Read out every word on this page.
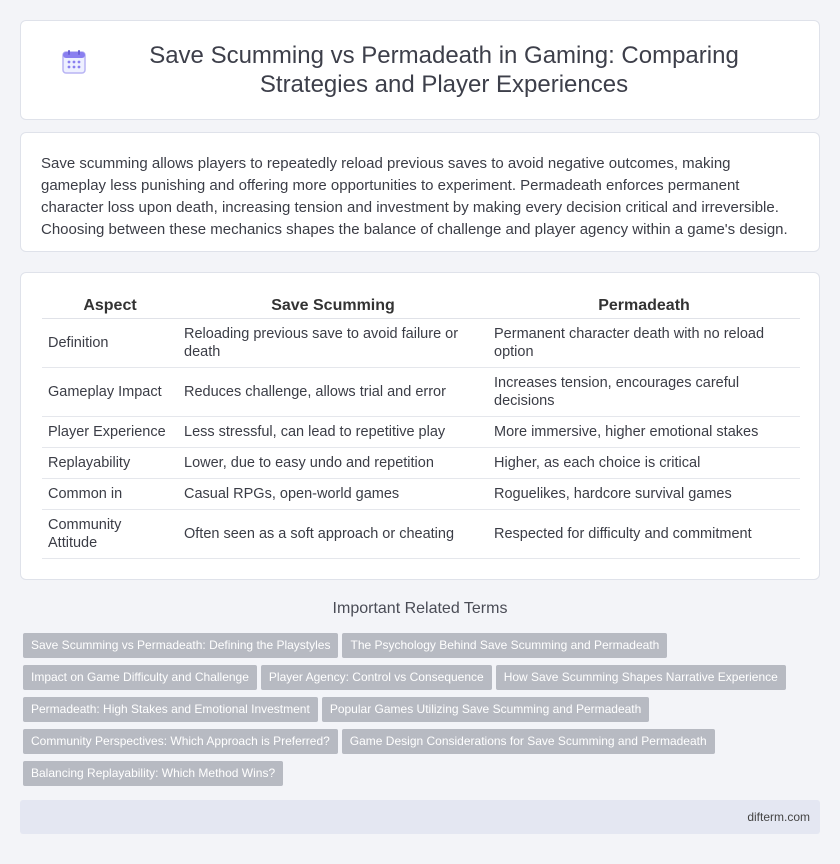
Save Scumming vs Permadeath in Gaming: Comparing Strategies and Player Experiences

Save scumming allows players to repeatedly reload previous saves to avoid negative outcomes, making gameplay less punishing and offering more opportunities to experiment. Permadeath enforces permanent character loss upon death, increasing tension and investment by making every decision critical and irreversible. Choosing between these mechanics shapes the balance of challenge and player agency within a game's design.

Aspect	Save Scumming	Permadeath
Definition	Reloading previous save to avoid failure or death	Permanent character death with no reload option
Gameplay Impact	Reduces challenge, allows trial and error	Increases tension, encourages careful decisions
Player Experience	Less stressful, can lead to repetitive play	More immersive, higher emotional stakes
Replayability	Lower, due to easy undo and repetition	Higher, as each choice is critical
Common in	Casual RPGs, open-world games	Roguelikes, hardcore survival games
Community Attitude	Often seen as a soft approach or cheating	Respected for difficulty and commitment
Important Related Terms
Save Scumming vs Permadeath: Defining the Playstyles The Psychology Behind Save Scumming and Permadeath
Impact on Game Difficulty and Challenge Player Agency: Control vs Consequence How Save Scumming Shapes Narrative Experience
Permadeath: High Stakes and Emotional Investment Popular Games Utilizing Save Scumming and Permadeath
Community Perspectives: Which Approach is Preferred? Game Design Considerations for Save Scumming and Permadeath
Balancing Replayability: Which Method Wins?
difterm.com
